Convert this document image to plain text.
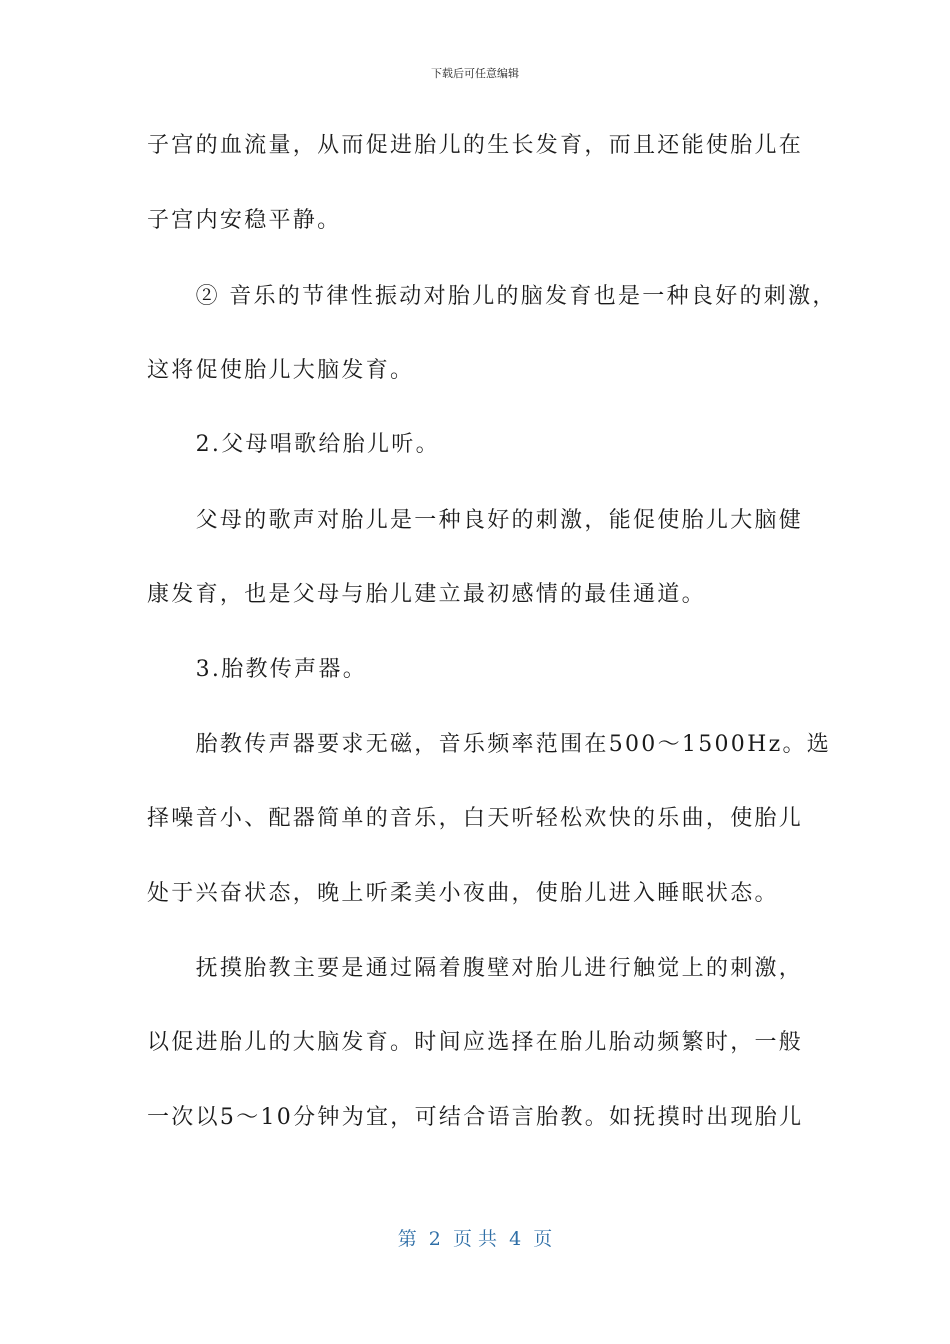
下载后可任意编辑
子宫的血流量，从而促进胎儿的生长发育，而且还能使胎儿在
子宫内安稳平静。
　　② 音乐的节律性振动对胎儿的脑发育也是一种良好的刺激，
这将促使胎儿大脑发育。
　　2.父母唱歌给胎儿听。
　　父母的歌声对胎儿是一种良好的刺激，能促使胎儿大脑健
康发育，也是父母与胎儿建立最初感情的最佳通道。
　　3.胎教传声器。
　　胎教传声器要求无磁，音乐频率范围在500～1500Hz。选
择噪音小、配器简单的音乐，白天听轻松欢快的乐曲，使胎儿
处于兴奋状态，晚上听柔美小夜曲，使胎儿进入睡眠状态。
　　抚摸胎教主要是通过隔着腹壁对胎儿进行触觉上的刺激，
以促进胎儿的大脑发育。时间应选择在胎儿胎动频繁时，一般
一次以5～10分钟为宜，可结合语言胎教。如抚摸时出现胎儿
第  2  页 共  4  页
